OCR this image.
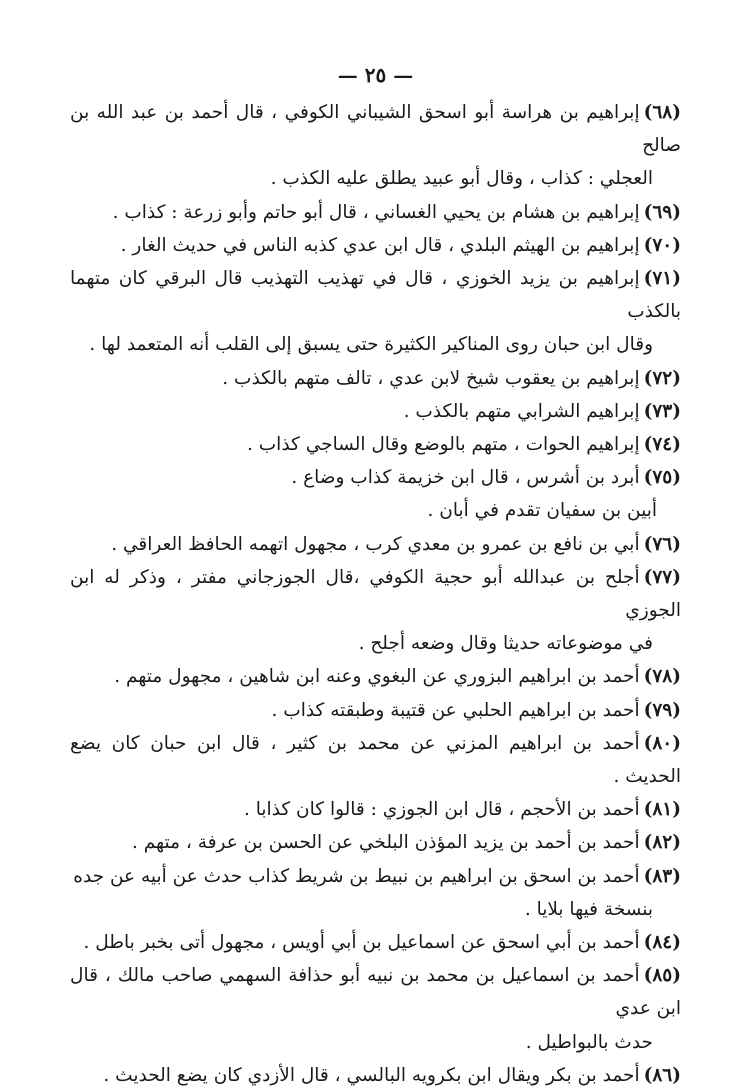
— ٢٥ —
(٦٨)إبراهيم بن هراسة أبو اسحق الشيباني الكوفي ، قال أحمد بن عبد الله بن صالح
العجلي : كذاب ، وقال أبو عبيد يطلق عليه الكذب .
(٦٩)إبراهيم بن هشام بن يحيي الغساني ، قال أبو حاتم وأبو زرعة : كذاب .
(٧٠)إبراهيم بن الهيثم البلدي ، قال ابن عدي كذبه الناس في حديث الغار .
(٧١)إبراهيم بن يزيد الخوزي ، قال في تهذيب التهذيب قال البرقي كان متهما بالكذب
وقال ابن حبان روى المناكير الكثيرة حتى يسبق إلى القلب أنه المتعمد لها .
(٧٢)إبراهيم بن يعقوب شيخ لابن عدي ، تالف متهم بالكذب .
(٧٣)إبراهيم الشرابي متهم بالكذب .
(٧٤)إبراهيم الحوات ، متهم بالوضع وقال الساجي كذاب .
(٧٥)أبرد بن أشرس ، قال ابن خزيمة كذاب وضاع .
أبين بن سفيان تقدم في أبان .
(٧٦)أبي بن نافع بن عمرو بن معدي كرب ، مجهول اتهمه الحافظ العراقي .
(٧٧)أجلح بن عبدالله أبو حجية الكوفي ،قال الجوزجاني مفتر ، وذكر له ابن الجوزي
في موضوعاته حديثا وقال وضعه أجلح .
(٧٨)أحمد بن ابراهيم البزوري عن البغوي وعنه ابن شاهين ، مجهول متهم .
(٧٩)أحمد بن ابراهيم الحلبي عن قتيبة وطبقته كذاب .
(٨٠)أحمد بن ابراهيم المزني عن محمد بن كثير ، قال ابن حبان كان يضع الحديث .
(٨١)أحمد بن الأحجم ، قال ابن الجوزي : قالوا كان كذابا .
(٨٢)أحمد بن أحمد بن يزيد المؤذن البلخي عن الحسن بن عرفة ، متهم .
(٨٣)أحمد بن اسحق بن ابراهيم بن نبيط بن شريط كذاب حدث عن أبيه عن جده
بنسخة فيها بلايا .
(٨٤)أحمد بن أبي اسحق عن اسماعيل بن أبي أويس ، مجهول أتى بخبر باطل .
(٨٥)أحمد بن اسماعيل بن محمد بن نبيه أبو حذافة السهمي صاحب مالك ، قال ابن عدي
حدث بالبواطيل .
(٨٦)أحمد بن بكر ويقال ابن بكرويه البالسي ، قال الأزدي كان يضع الحديث .
